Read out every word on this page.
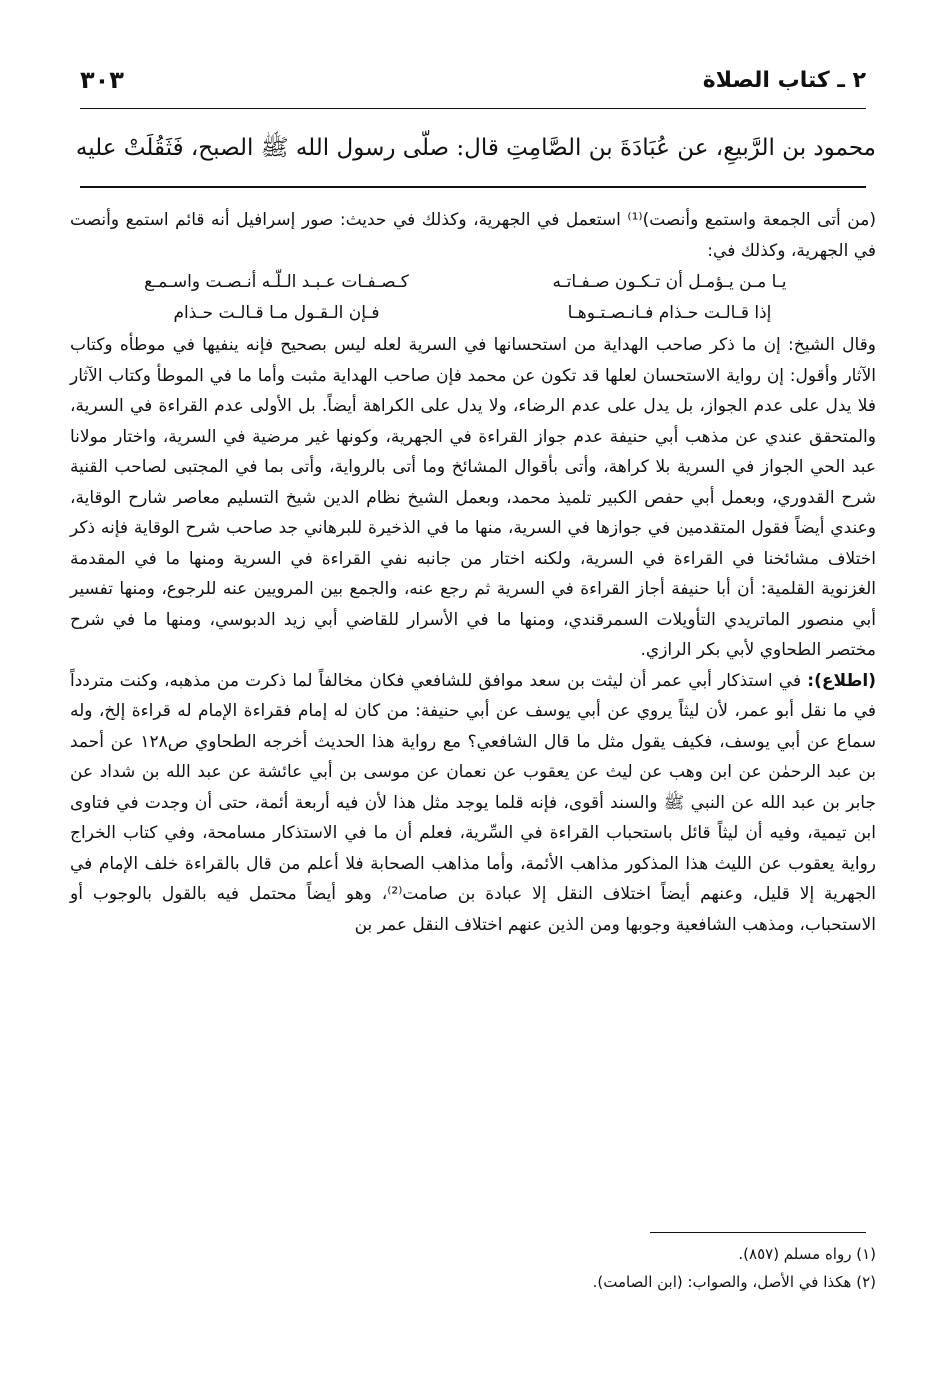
٢ ـ كتاب الصلاة
٣٠٣
محمود بن الرَّبيعِ، عن عُبَادَةَ بن الصَّامِتِ قال: صلّى رسول الله ﷺ الصبح، فَثَقُلَتْ عليه

(من أتى الجمعة واستمع وأنصت)⁽¹⁾ استعمل في الجهرية، وكذلك في حديث: صور إسرافيل أنه قائم استمع وأنصت في الجهرية، وكذلك في:

يـا مـن يـؤمـل أن تـكـون صـفـاتـه
كـصـفـات عـبـد الـلّـه أنـصـت واسـمـع
إذا قـالـت حـذام فـانـصـتـوهـا
فـإن الـقـول مـا قـالـت حـذام

وقال الشيخ: إن ما ذكر صاحب الهداية من استحسانها في السرية لعله ليس بصحيح فإنه ينفيها في موطأه وكتاب الآثار وأقول: إن رواية الاستحسان لعلها قد تكون عن محمد فإن صاحب الهداية مثبت وأما ما في الموطأ وكتاب الآثار فلا يدل على عدم الجواز، بل يدل على عدم الرضاء، ولا يدل على الكراهة أيضاً. بل الأولى عدم القراءة في السرية، والمتحقق عندي عن مذهب أبي حنيفة عدم جواز القراءة في الجهرية، وكونها غير مرضية في السرية، واختار مولانا عبد الحي الجواز في السرية بلا كراهة، وأتى بأقوال المشائخ وما أتى بالرواية، وأتى بما في المجتبى لصاحب القنية شرح القدوري، وبعمل أبي حفص الكبير تلميذ محمد، وبعمل الشيخ نظام الدين شيخ التسليم معاصر شارح الوقاية، وعندي أيضاً فقول المتقدمين في جوازها في السرية، منها ما في الذخيرة للبرهاني جد صاحب شرح الوقاية فإنه ذكر اختلاف مشائخنا في القراءة في السرية، ولكنه اختار من جانبه نفي القراءة في السرية ومنها ما في المقدمة الغزنوية القلمية: أن أبا حنيفة أجاز القراءة في السرية ثم رجع عنه، والجمع بين المرويين عنه للرجوع، ومنها تفسير أبي منصور الماتريدي التأويلات السمرقندي، ومنها ما في الأسرار للقاضي أبي زيد الدبوسي، ومنها ما في شرح مختصر الطحاوي لأبي بكر الرازي.

(اطلاع): في استذكار أبي عمر أن ليثت بن سعد موافق للشافعي فكان مخالفاً لما ذكرت من مذهبه، وكنت متردداً في ما نقل أبو عمر، لأن ليثاً يروي عن أبي يوسف عن أبي حنيفة: من كان له إمام فقراءة الإمام له قراءة إلخ، وله سماع عن أبي يوسف، فكيف يقول مثل ما قال الشافعي؟ مع رواية هذا الحديث أخرجه الطحاوي ص١٢٨ عن أحمد بن عبد الرحمٰن عن ابن وهب عن ليث عن يعقوب عن نعمان عن موسى بن أبي عائشة عن عبد الله بن شداد عن جابر بن عبد الله عن النبي ﷺ والسند أقوى، فإنه قلما يوجد مثل هذا لأن فيه أربعة أئمة، حتى أن وجدت في فتاوى ابن تيمية، وفيه أن ليثاً قائل باستحباب القراءة في السِّرية، فعلم أن ما في الاستذكار مسامحة، وفي كتاب الخراج رواية يعقوب عن الليث هذا المذكور مذاهب الأئمة، وأما مذاهب الصحابة فلا أعلم من قال بالقراءة خلف الإمام في الجهرية إلا قليل، وعنهم أيضاً اختلاف النقل إلا عبادة بن صامت⁽²⁾، وهو أيضاً محتمل فيه بالقول بالوجوب أو الاستحباب، ومذهب الشافعية وجوبها ومن الذين عنهم اختلاف النقل عمر بن

(١) رواه مسلم (٨٥٧).
(٢) هكذا في الأصل، والصواب: (ابن الصامت).
